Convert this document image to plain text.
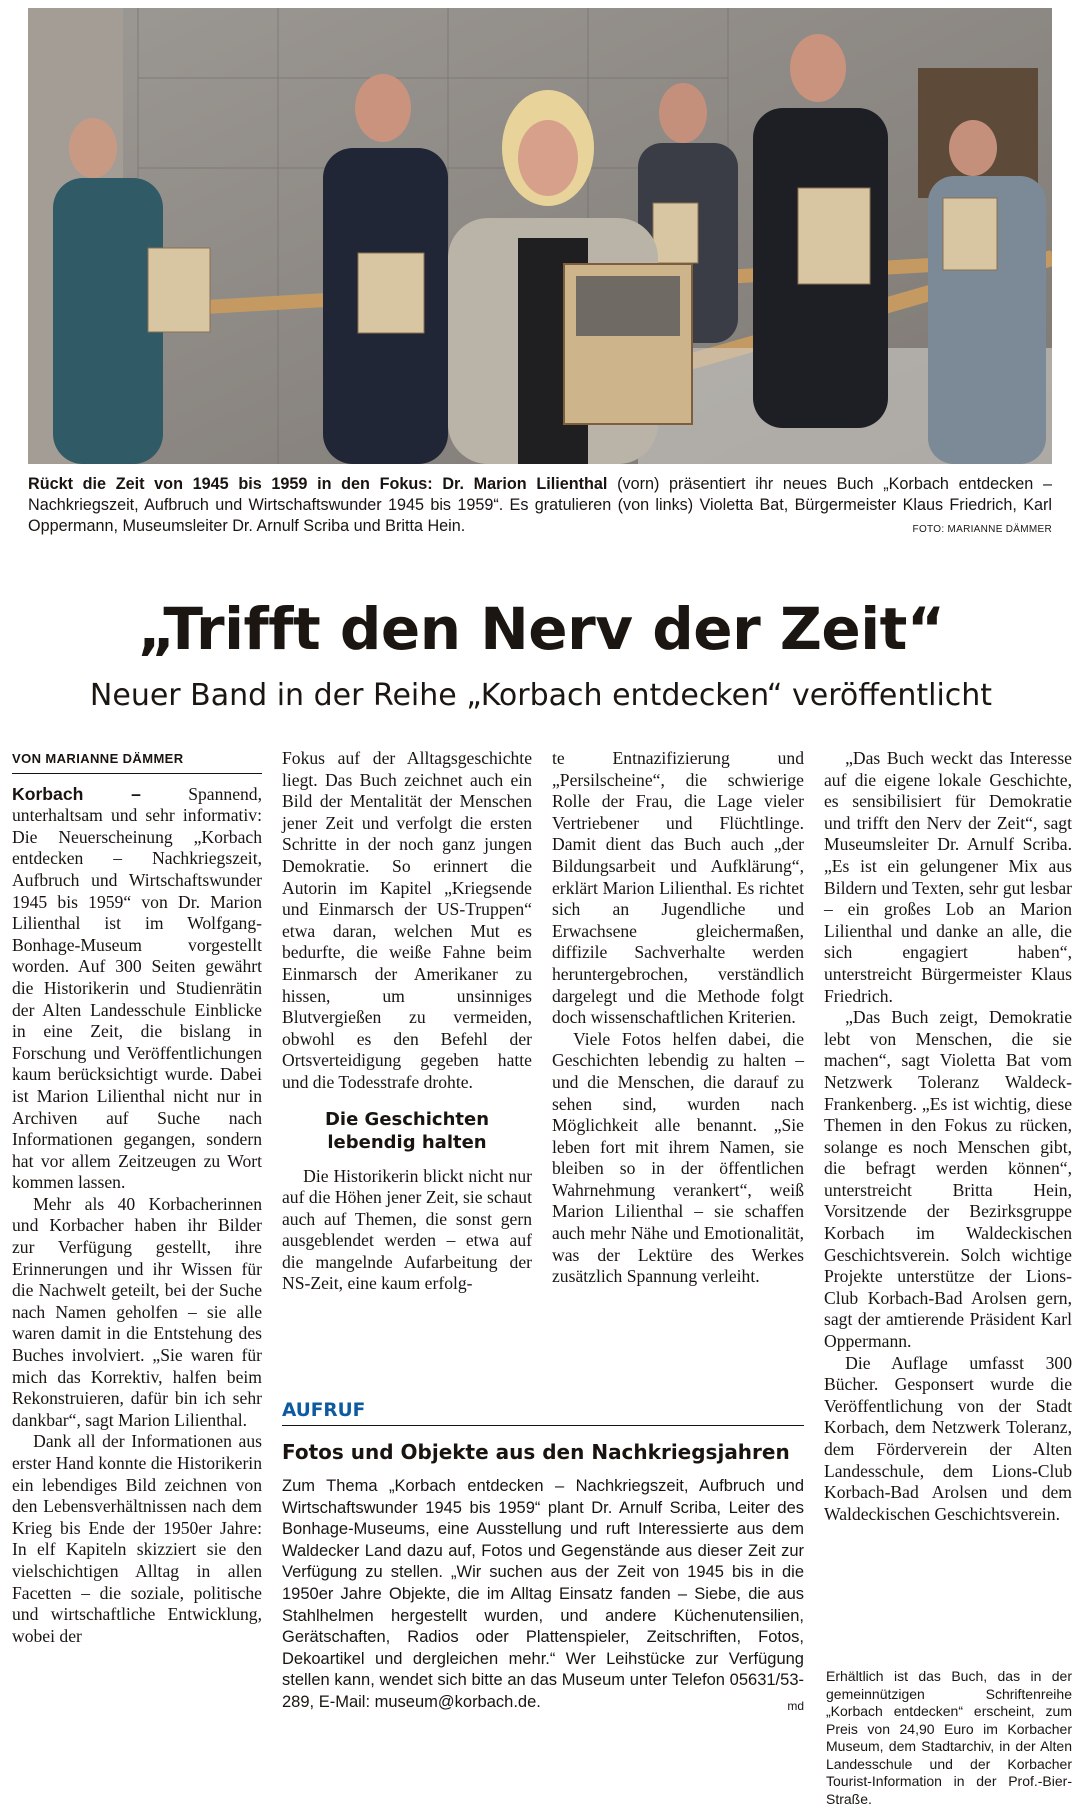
Rückt die Zeit von 1945 bis 1959 in den Fokus: Dr. Marion Lilienthal (vorn) präsentiert ihr neues Buch „Korbach entdecken – Nachkriegszeit, Aufbruch und Wirtschaftswunder 1945 bis 1959“. Es gratulieren (von links) Violetta Bat, Bürgermeister Klaus Friedrich, Karl Oppermann, Museumsleiter Dr. Arnulf Scriba und Britta Hein.	FOTO: MARIANNE DÄMMER
„Trifft den Nerv der Zeit“
Neuer Band in der Reihe „Korbach entdecken“ veröffentlicht
VON MARIANNE DÄMMER

Korbach – Spannend, unterhaltsam und sehr informativ: Die Neuerscheinung „Korbach entdecken – Nachkriegszeit, Aufbruch und Wirtschaftswunder 1945 bis 1959“ von Dr. Marion Lilienthal ist im Wolfgang-Bonhage-Museum vorgestellt worden. Auf 300 Seiten gewährt die Historikerin und Studienrätin der Alten Landesschule Einblicke in eine Zeit, die bislang in Forschung und Veröffentlichungen kaum berücksichtigt wurde. Dabei ist Marion Lilienthal nicht nur in Archiven auf Suche nach Informationen gegangen, sondern hat vor allem Zeitzeugen zu Wort kommen lassen.

Mehr als 40 Korbacherinnen und Korbacher haben ihr Bilder zur Verfügung gestellt, ihre Erinnerungen und ihr Wissen für die Nachwelt geteilt, bei der Suche nach Namen geholfen – sie alle waren damit in die Entstehung des Buches involviert. „Sie waren für mich das Korrektiv, halfen beim Rekonstruieren, dafür bin ich sehr dankbar“, sagt Marion Lilienthal.

Dank all der Informationen aus erster Hand konnte die Historikerin ein lebendiges Bild zeichnen von den Lebensverhältnissen nach dem Krieg bis Ende der 1950er Jahre: In elf Kapiteln skizziert sie den vielschichtigen Alltag in allen Facetten – die soziale, politische und wirtschaftliche Entwicklung, wobei der

Fokus auf der Alltagsgeschichte liegt. Das Buch zeichnet auch ein Bild der Mentalität der Menschen jener Zeit und verfolgt die ersten Schritte in der noch ganz jungen Demokratie. So erinnert die Autorin im Kapitel „Kriegsende und Einmarsch der US-Truppen“ etwa daran, welchen Mut es bedurfte, die weiße Fahne beim Einmarsch der Amerikaner zu hissen, um unsinniges Blutvergießen zu vermeiden, obwohl es den Befehl der Ortsverteidigung gegeben hatte und die Todesstrafe drohte.

Die Geschichten lebendig halten

Die Historikerin blickt nicht nur auf die Höhen jener Zeit, sie schaut auch auf Themen, die sonst gern ausgeblendet werden – etwa auf die mangelnde Aufarbeitung der NS-Zeit, eine kaum erfolg-

te Entnazifizierung und „Persilscheine“, die schwierige Rolle der Frau, die Lage vieler Vertriebener und Flüchtlinge. Damit dient das Buch auch „der Bildungsarbeit und Aufklärung“, erklärt Marion Lilienthal. Es richtet sich an Jugendliche und Erwachsene gleichermaßen, diffizile Sachverhalte werden heruntergebrochen, verständlich dargelegt und die Methode folgt doch wissenschaftlichen Kriterien.

Viele Fotos helfen dabei, die Geschichten lebendig zu halten – und die Menschen, die darauf zu sehen sind, wurden nach Möglichkeit alle benannt. „Sie leben fort mit ihrem Namen, sie bleiben so in der öffentlichen Wahrnehmung verankert“, weiß Marion Lilienthal – sie schaffen auch mehr Nähe und Emotionalität, was der Lektüre des Werkes zusätzlich Spannung verleiht.

„Das Buch weckt das Interesse auf die eigene lokale Geschichte, es sensibilisiert für Demokratie und trifft den Nerv der Zeit“, sagt Museumsleiter Dr. Arnulf Scriba. „Es ist ein gelungener Mix aus Bildern und Texten, sehr gut lesbar – ein großes Lob an Marion Lilienthal und danke an alle, die sich engagiert haben“, unterstreicht Bürgermeister Klaus Friedrich.

„Das Buch zeigt, Demokratie lebt von Menschen, die sie machen“, sagt Violetta Bat vom Netzwerk Toleranz Waldeck-Frankenberg. „Es ist wichtig, diese Themen in den Fokus zu rücken, solange es noch Menschen gibt, die befragt werden können“, unterstreicht Britta Hein, Vorsitzende der Bezirksgruppe Korbach im Waldeckischen Geschichtsverein. Solch wichtige Projekte unterstütze der Lions-Club Korbach-Bad Arolsen gern, sagt der amtierende Präsident Karl Oppermann.

Die Auflage umfasst 300 Bücher. Gesponsert wurde die Veröffentlichung von der Stadt Korbach, dem Netzwerk Toleranz, dem Förderverein der Alten Landesschule, dem Lions-Club Korbach-Bad Arolsen und dem Waldeckischen Geschichtsverein.

AUFRUF
Fotos und Objekte aus den Nachkriegsjahren
Zum Thema „Korbach entdecken – Nachkriegszeit, Aufbruch und Wirtschaftswunder 1945 bis 1959“ plant Dr. Arnulf Scriba, Leiter des Bonhage-Museums, eine Ausstellung und ruft Interessierte aus dem Waldecker Land dazu auf, Fotos und Gegenstände aus dieser Zeit zur Verfügung zu stellen. „Wir suchen aus der Zeit von 1945 bis in die 1950er Jahre Objekte, die im Alltag Einsatz fanden – Siebe, die aus Stahlhelmen hergestellt wurden, und andere Küchenutensilien, Gerätschaften, Radios oder Plattenspieler, Zeitschriften, Fotos, Dekoartikel und dergleichen mehr.“ Wer Leihstücke zur Verfügung stellen kann, wendet sich bitte an das Museum unter Telefon 05631/53-289, E-Mail: museum@korbach.de.	md
Erhältlich ist das Buch, das in der gemeinnützigen Schriftenreihe „Korbach entdecken“ erscheint, zum Preis von 24,90 Euro im Korbacher Museum, dem Stadtarchiv, in der Alten Landesschule und der Korbacher Tourist-Information in der Prof.-Bier-Straße.
